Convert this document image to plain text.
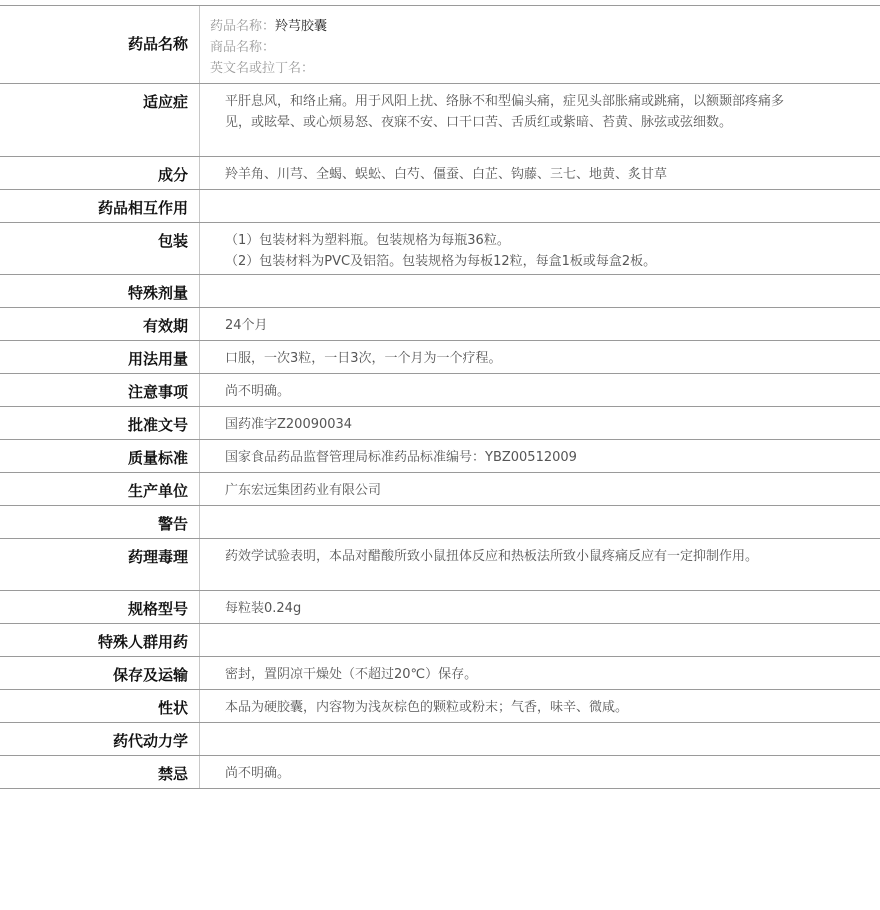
药品名称
药品名称：羚芎胶囊
商品名称：
英文名或拉丁名：
适应症	平肝息风，和络止痛。用于风阳上扰、络脉不和型偏头痛，症见头部胀痛或跳痛，以额颞部疼痛多见，或眩晕、或心烦易怒、夜寐不安、口干口苦、舌质红或紫暗、苔黄、脉弦或弦细数。
成分	羚羊角、川芎、全蝎、蜈蚣、白芍、僵蚕、白芷、钩藤、三七、地黄、炙甘草
药品相互作用
包装	（1）包装材料为塑料瓶。包装规格为每瓶36粒。
（2）包装材料为PVC及铝箔。包装规格为每板12粒，每盒1板或每盒2板。
特殊剂量
有效期	24个月
用法用量	口服，一次3粒，一日3次，一个月为一个疗程。
注意事项	尚不明确。
批准文号	国药准字Z20090034
质量标准	国家食品药品监督管理局标准药品标准编号：YBZ00512009
生产单位	广东宏远集团药业有限公司
警告
药理毒理	药效学试验表明，本品对醋酸所致小鼠扭体反应和热板法所致小鼠疼痛反应有一定抑制作用。
规格型号	每粒装0.24g
特殊人群用药
保存及运输	密封，置阴凉干燥处（不超过20℃）保存。
性状	本品为硬胶囊，内容物为浅灰棕色的颗粒或粉末；气香，味辛、微咸。
药代动力学
禁忌	尚不明确。
